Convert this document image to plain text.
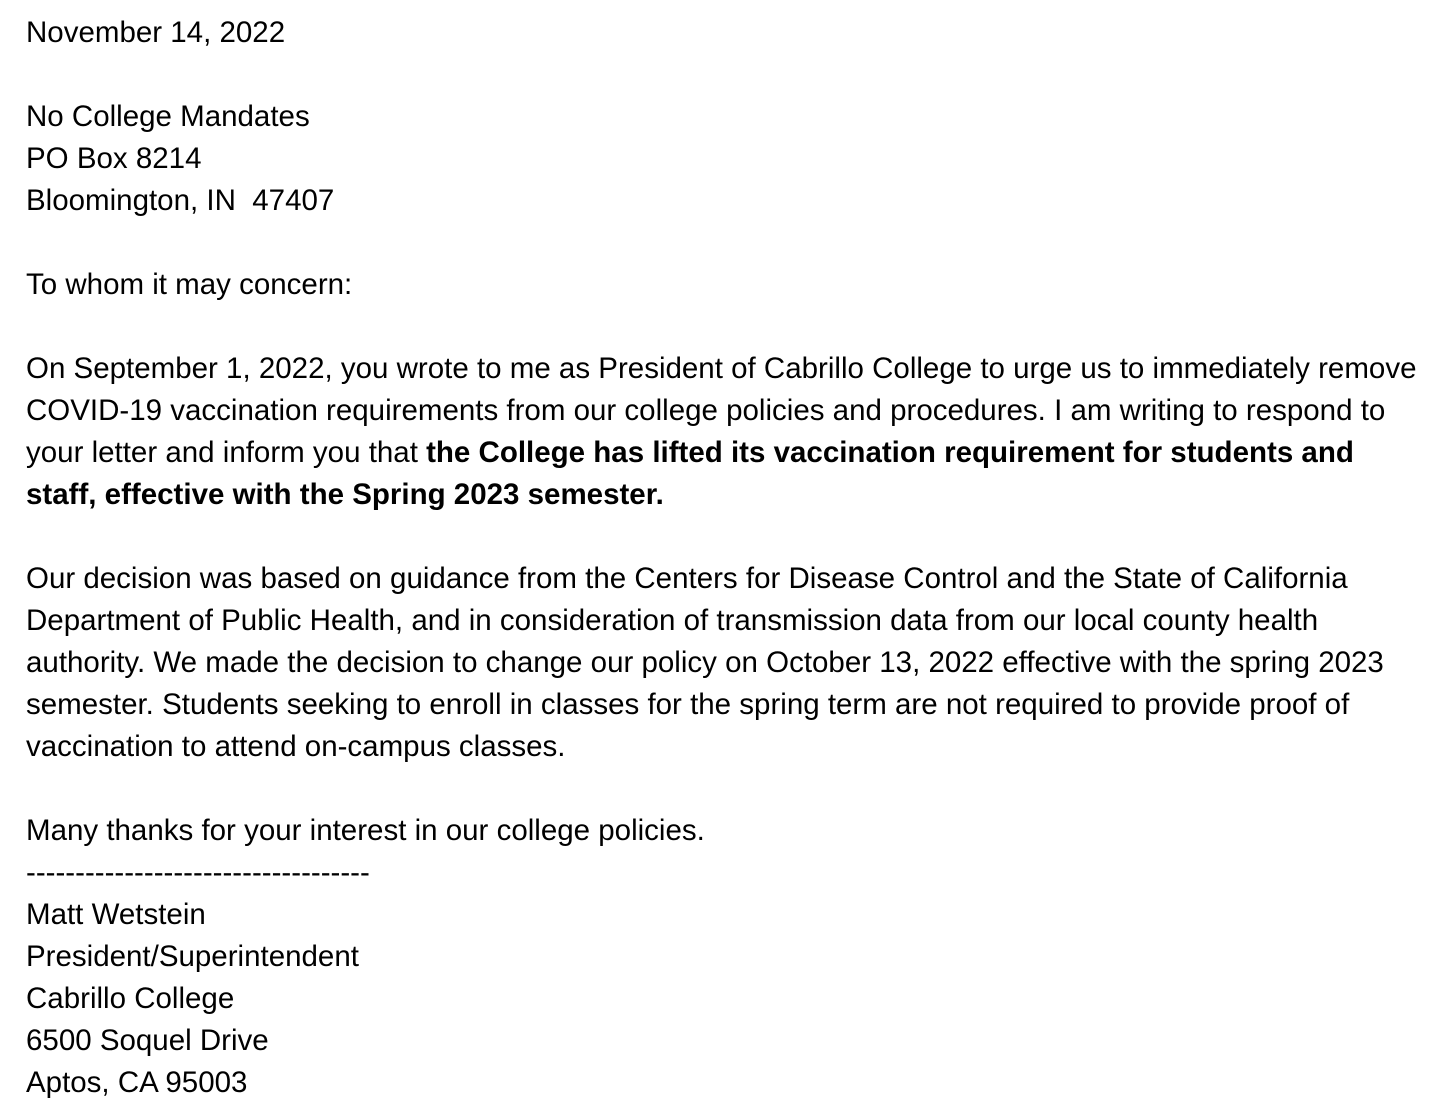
November 14, 2022
No College Mandates
PO Box 8214
Bloomington, IN  47407
To whom it may concern:

On September 1, 2022, you wrote to me as President of Cabrillo College to urge us to immediately remove COVID-19 vaccination requirements from our college policies and procedures. I am writing to respond to your letter and inform you that the College has lifted its vaccination requirement for students and staff, effective with the Spring 2023 semester.

Our decision was based on guidance from the Centers for Disease Control and the State of California Department of Public Health, and in consideration of transmission data from our local county health authority. We made the decision to change our policy on October 13, 2022 effective with the spring 2023 semester. Students seeking to enroll in classes for the spring term are not required to provide proof of vaccination to attend on-campus classes.

Many thanks for your interest in our college policies.
-----------------------------------
Matt Wetstein
President/Superintendent
Cabrillo College
6500 Soquel Drive
Aptos, CA 95003
